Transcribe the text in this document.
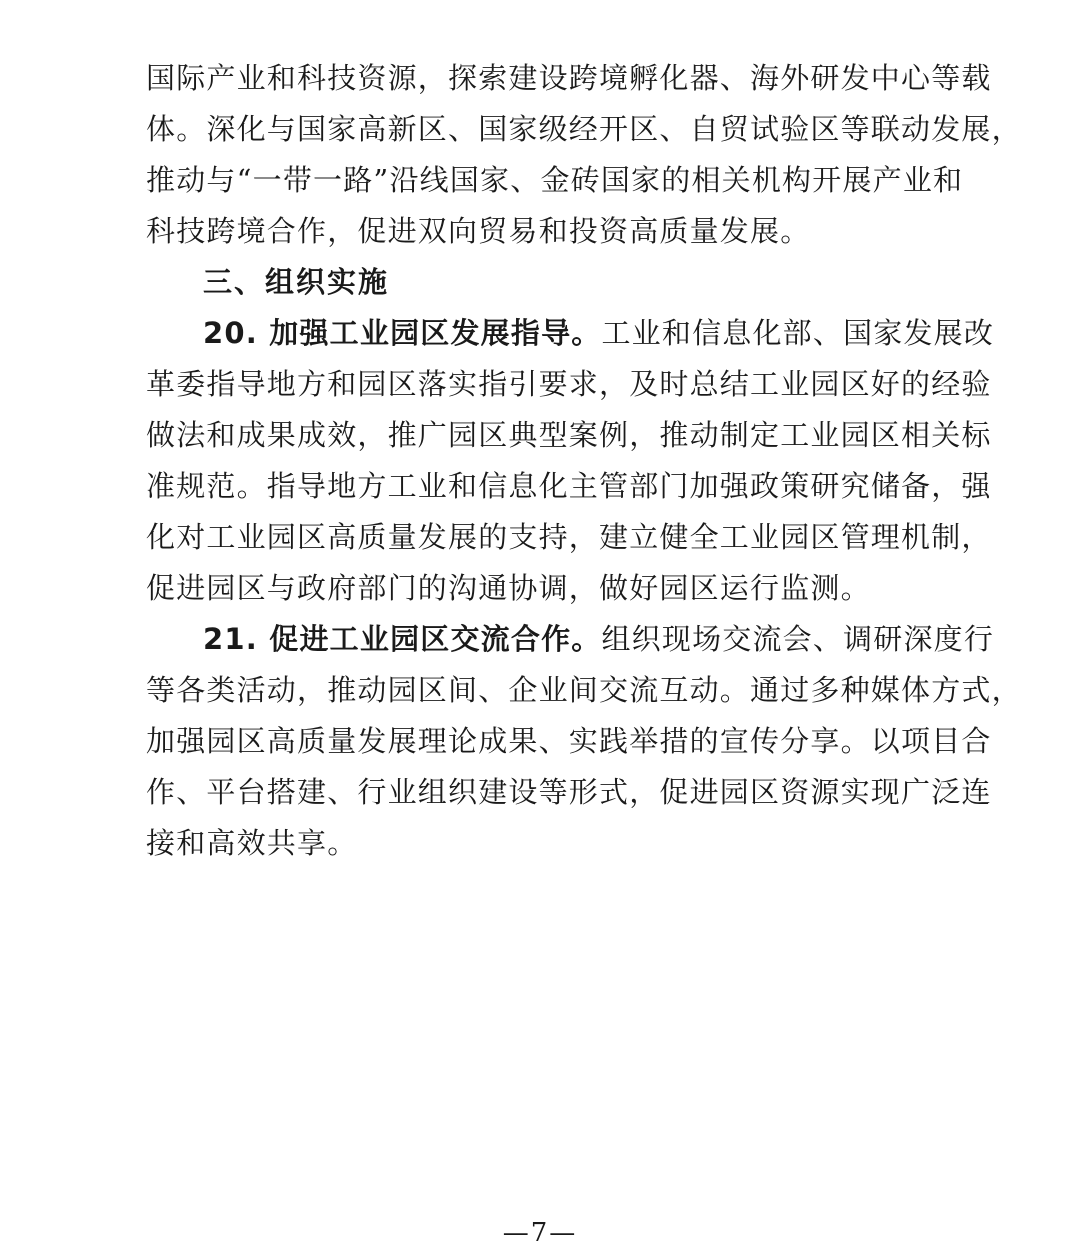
国际产业和科技资源，探索建设跨境孵化器、海外研发中心等载
体。深化与国家高新区、国家级经开区、自贸试验区等联动发展，
推动与“一带一路”沿线国家、金砖国家的相关机构开展产业和
科技跨境合作，促进双向贸易和投资高质量发展。
三、组织实施
20. 加强工业园区发展指导。工业和信息化部、国家发展改
革委指导地方和园区落实指引要求，及时总结工业园区好的经验
做法和成果成效，推广园区典型案例，推动制定工业园区相关标
准规范。指导地方工业和信息化主管部门加强政策研究储备，强
化对工业园区高质量发展的支持，建立健全工业园区管理机制，
促进园区与政府部门的沟通协调，做好园区运行监测。
21. 促进工业园区交流合作。组织现场交流会、调研深度行
等各类活动，推动园区间、企业间交流互动。通过多种媒体方式，
加强园区高质量发展理论成果、实践举措的宣传分享。以项目合
作、平台搭建、行业组织建设等形式，促进园区资源实现广泛连
接和高效共享。
—7—
